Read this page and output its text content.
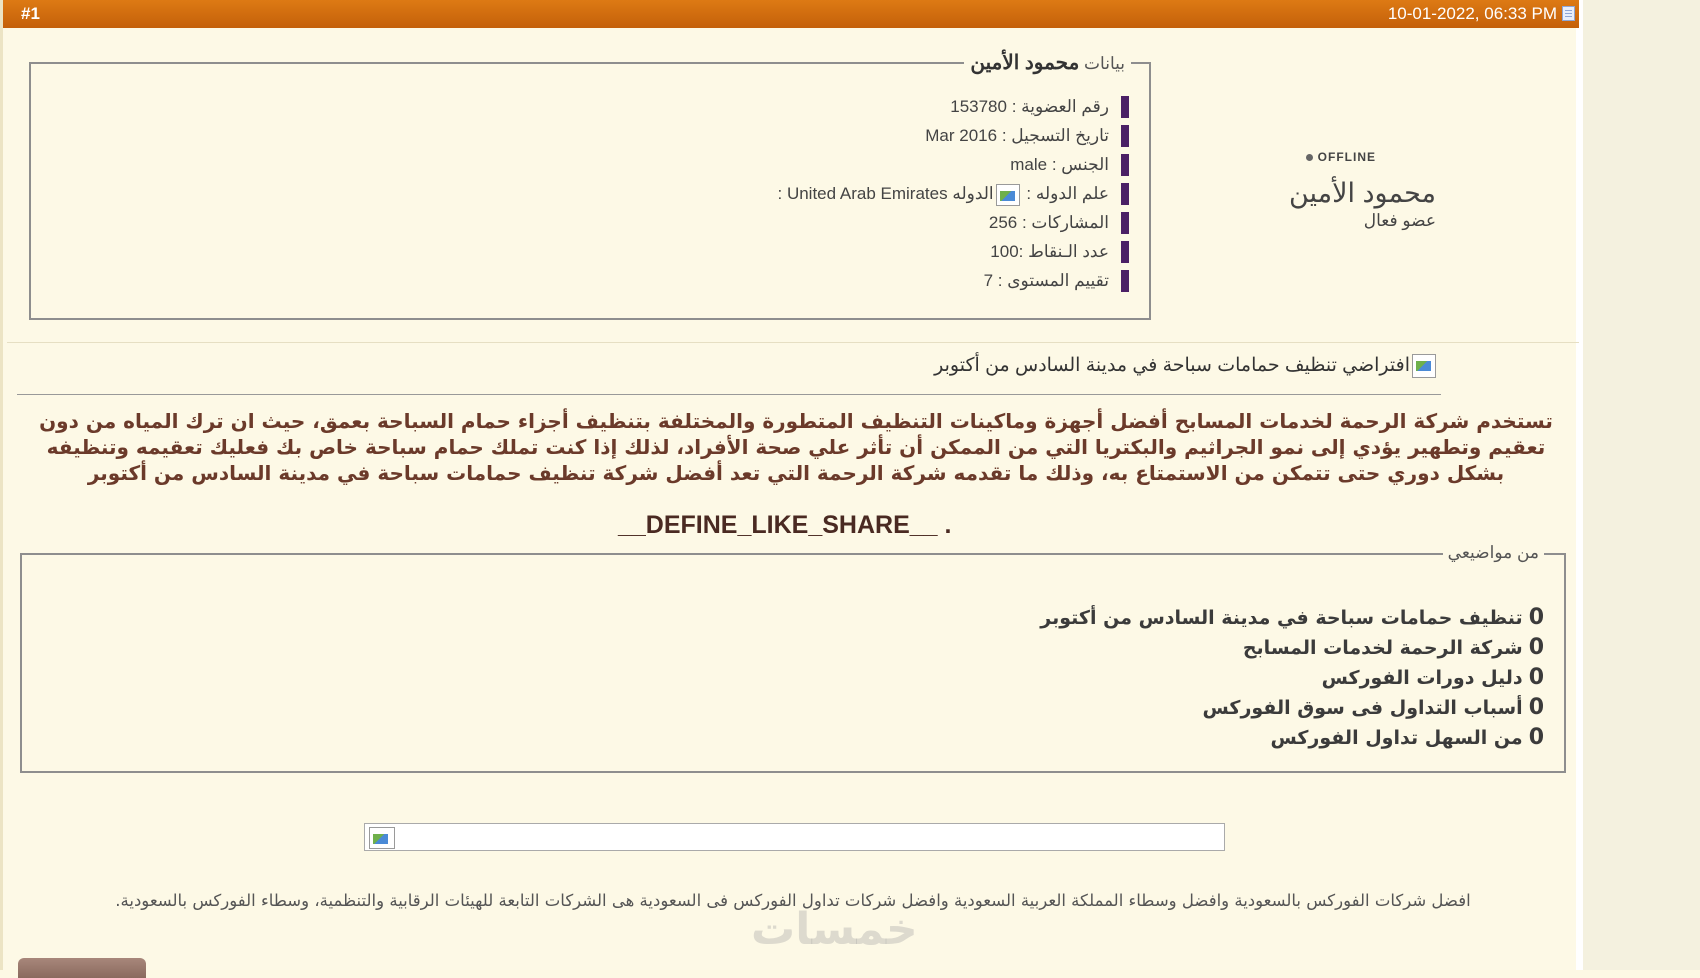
#1	10-01-2022, 06:33 PM
OFFLINE
محمود الأمين
عضو فعال
بيانات محمود الأمين
رقم العضوية : 153780
تاريخ التسجيل : Mar 2016
الجنس : male
علم الدوله : الدوله United Arab Emirates :
المشاركات : 256
عدد الـنقاط :100
تقييم المستوى : 7
افتراضي تنظيف حمامات سباحة في مدينة السادس من أكتوبر
تستخدم شركة الرحمة لخدمات المسابح أفضل أجهزة وماكينات التنظيف المتطورة والمختلفة بتنظيف أجزاء حمام السباحة بعمق، حيث ان ترك المياه من دون تعقيم وتطهير يؤدي إلى نمو الجراثيم والبكتريا التي من الممكن أن تأثر علي صحة الأفراد، لذلك إذا كنت تملك حمام سباحة خاص بك فعليك تعقيمه وتنظيفه بشكل دوري حتى تتمكن من الاستمتاع به، وذلك ما تقدمه شركة الرحمة التي تعد أفضل شركة تنظيف حمامات سباحة في مدينة السادس من أكتوبر
__DEFINE_LIKE_SHARE__ .
من مواضيعي
0تنظيف حمامات سباحة في مدينة السادس من أكتوبر
0شركة الرحمة لخدمات المسابح
0دليل دورات الفوركس
0أسباب التداول فى سوق الفوركس
0من السهل تداول الفوركس
افضل شركات الفوركس بالسعودية وافضل وسطاء المملكة العربية السعودية وافضل شركات تداول الفوركس فى السعودية هى الشركات التابعة للهيئات الرقابية والتنظمية، وسطاء الفوركس بالسعودية.
خمسات
